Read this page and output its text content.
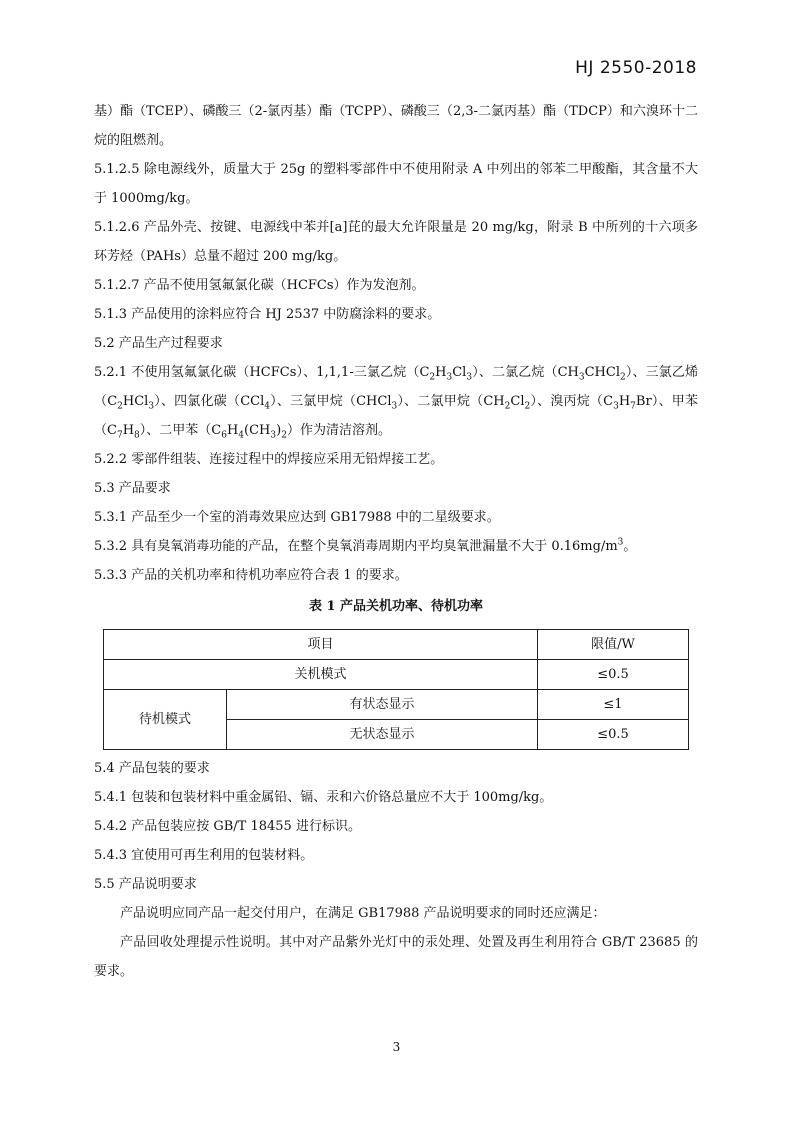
HJ 2550-2018

基）酯（TCEP）、磷酸三（2-氯丙基）酯（TCPP）、磷酸三（2,3-二氯丙基）酯（TDCP）和六溴环十二烷的阻燃剂。

5.1.2.5 除电源线外，质量大于 25g 的塑料零部件中不使用附录 A 中列出的邻苯二甲酸酯，其含量不大于 1000mg/kg。

5.1.2.6 产品外壳、按键、电源线中苯并[a]芘的最大允许限量是 20 mg/kg，附录 B 中所列的十六项多环芳烃（PAHs）总量不超过 200 mg/kg。

5.1.2.7 产品不使用氢氟氯化碳（HCFCs）作为发泡剂。

5.1.3 产品使用的涂料应符合 HJ 2537 中防腐涂料的要求。

5.2 产品生产过程要求

5.2.1 不使用氢氟氯化碳（HCFCs）、1,1,1-三氯乙烷$(C_2H_3Cl_3)$、二氯乙烷$(CH_3CHCl_2)$、三氯乙烯$(C_2HCl_3)$、四氯化碳（CCl$_4$）、三氯甲烷（CHCl$_3$）、二氯甲烷$(CH_2Cl_2)$、溴丙烷$(C_3H_7Br)$、甲苯$(C_7H_8)$、二甲苯$(C_6H_4(CH_3)_2)$作为清洁溶剂。

5.2.2 零部件组装、连接过程中的焊接应采用无铅焊接工艺。

5.3 产品要求

5.3.1 产品至少一个室的消毒效果应达到 GB17988 中的二星级要求。

5.3.2 具有臭氧消毒功能的产品，在整个臭氧消毒周期内平均臭氧泄漏量不大于 $0.16mg/m^3$。

5.3.3 产品的关机功率和待机功率应符合表 1 的要求。

表 1 产品关机功率、待机功率

项目		限值/W
关机模式		≤0.5
待机模式	有状态显示	≤1
	无状态显示	≤0.5

5.4 产品包装的要求

5.4.1 包装和包装材料中重金属铅、镉、汞和六价铬总量应不大于 100mg/kg。

5.4.2 产品包装应按 GB/T 18455 进行标识。

5.4.3 宜使用可再生利用的包装材料。

5.5 产品说明要求

产品说明应同产品一起交付用户，在满足 GB17988 产品说明要求的同时还应满足：

产品回收处理提示性说明。其中对产品紫外光灯中的汞处理、处置及再生利用符合 GB/T 23685 的要求。

3
